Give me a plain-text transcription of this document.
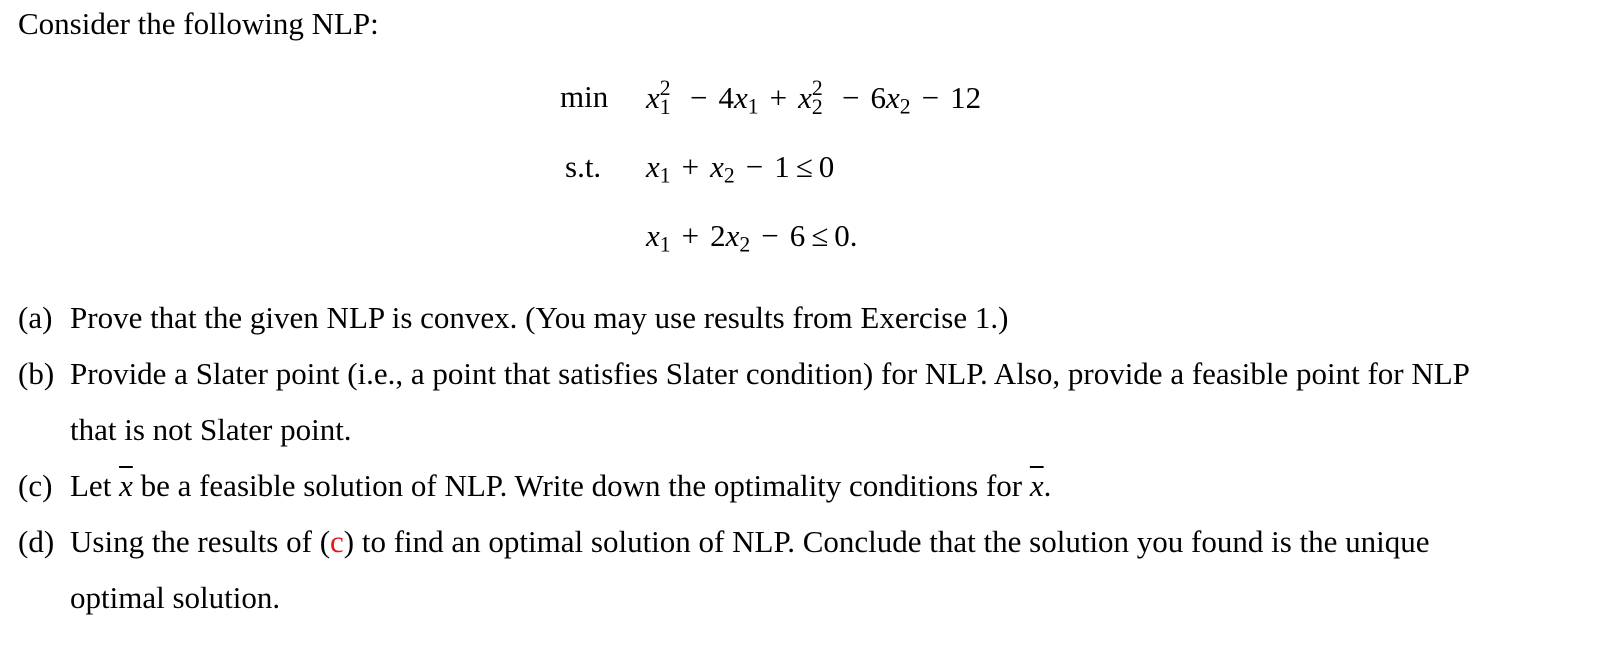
Consider the following NLP:
min x 2
$1 - 4x_1 + x$ 2
$2 - 6x_2 - 12$
s.t. $x_1 + x_2 - 1 \le 0$
$x_1 + 2x_2 - 6 \le 0$.
(a) Prove that the given NLP is convex. (You may use results from Exercise 1.)
(b) Provide a Slater point (i.e., a point that satisfies Slater condition) for NLP. Also, provide a feasible point for NLP
that is not Slater point.
(c) Let $\overline{x}$ be a feasible solution of NLP. Write down the optimality conditions for $\overline{x}$.
(d) Using the results of (c) to find an optimal solution of NLP. Conclude that the solution you found is the unique
optimal solution.
